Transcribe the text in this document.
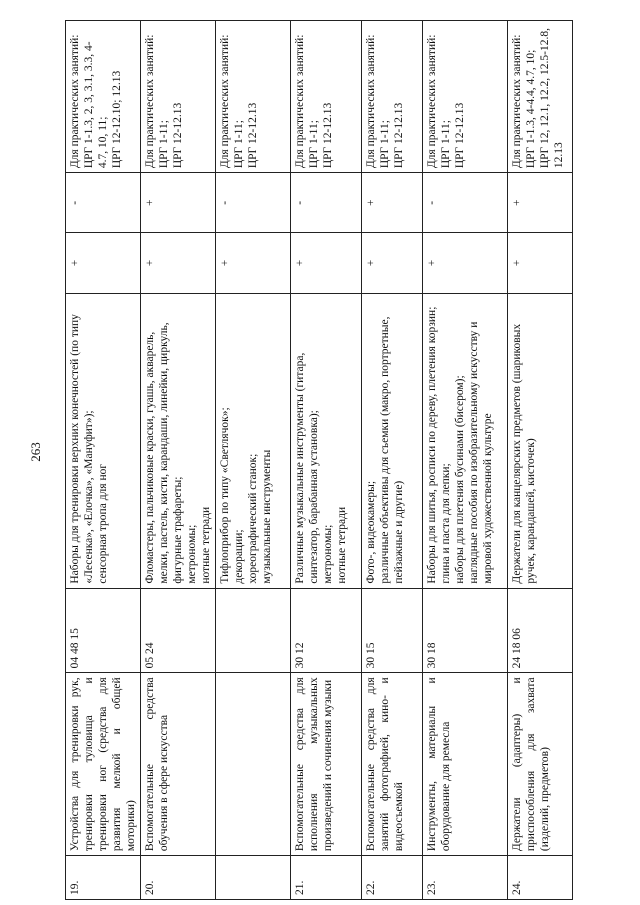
263
19.	Устройства для тренировки рук, тренировки туловища и тренировки ног (средства для развития мелкой и общей моторики)	04 48 15	Наборы для тренировки верхних конечностей (по типу «Лесенка», «Елочка», «Мануфит»); сенсорная тропа для ног	+	-	Для практических занятий: ЦРГ 1-1.3, 2, 3, 3.1, 3.3, 4-4.7, 10, 11; ЦРГ 12-12.10; 12.13

20.	Вспомогательные средства обучения в сфере искусства	05 24	Фломастеры, пальчиковые краски, гуашь, акварель, мелки, пастель, кисти, карандаши, линейки, циркуль, фигурные трафареты; метрономы; нотные тетради	+	+	Для практических занятий: ЦРГ 1-11; ЦРГ 12-12.13

			Тифлоприбор по типу «Светлячок»; декорации; хореографический станок; музыкальные инструменты	+	-	Для практических занятий: ЦРГ 1-11; ЦРГ 12-12.13

21.	Вспомогательные средства для исполнения музыкальных произведений и сочинения музыки	30 12	Различные музыкальные инструменты (гитара, синтезатор, барабанная установка); метрономы; нотные тетради	+	-	Для практических занятий: ЦРГ 1-11; ЦРГ 12-12.13

22.	Вспомогательные средства для занятий фотографией, кино- и видеосъемкой	30 15	Фото-, видеокамеры; различные объективы для съемки (макро, портретные, пейзажные и другие)	+	+	Для практических занятий: ЦРГ 1-11; ЦРГ 12-12.13

23.	Инструменты, материалы и оборудование для ремесла	30 18	Наборы для шитья, росписи по дереву, плетения корзин; глина и паста для лепки; наборы для плетения бусинами (бисером); наглядные пособия по изобразительному искусству и мировой художественной культуре	+	-	Для практических занятий: ЦРГ 1-11; ЦРГ 12-12.13

24.	Держатели (адаптеры) и приспособления для захвата (изделий, предметов)	24 18 06	Держатели для канцелярских предметов (шариковых ручек, карандашей, кисточек)	+	+	Для практических занятий: ЦРГ 1-1.3, 4-4.4, 4.7, 10; ЦРГ 12, 12.1, 12.2, 12.5-12.8, 12.13
